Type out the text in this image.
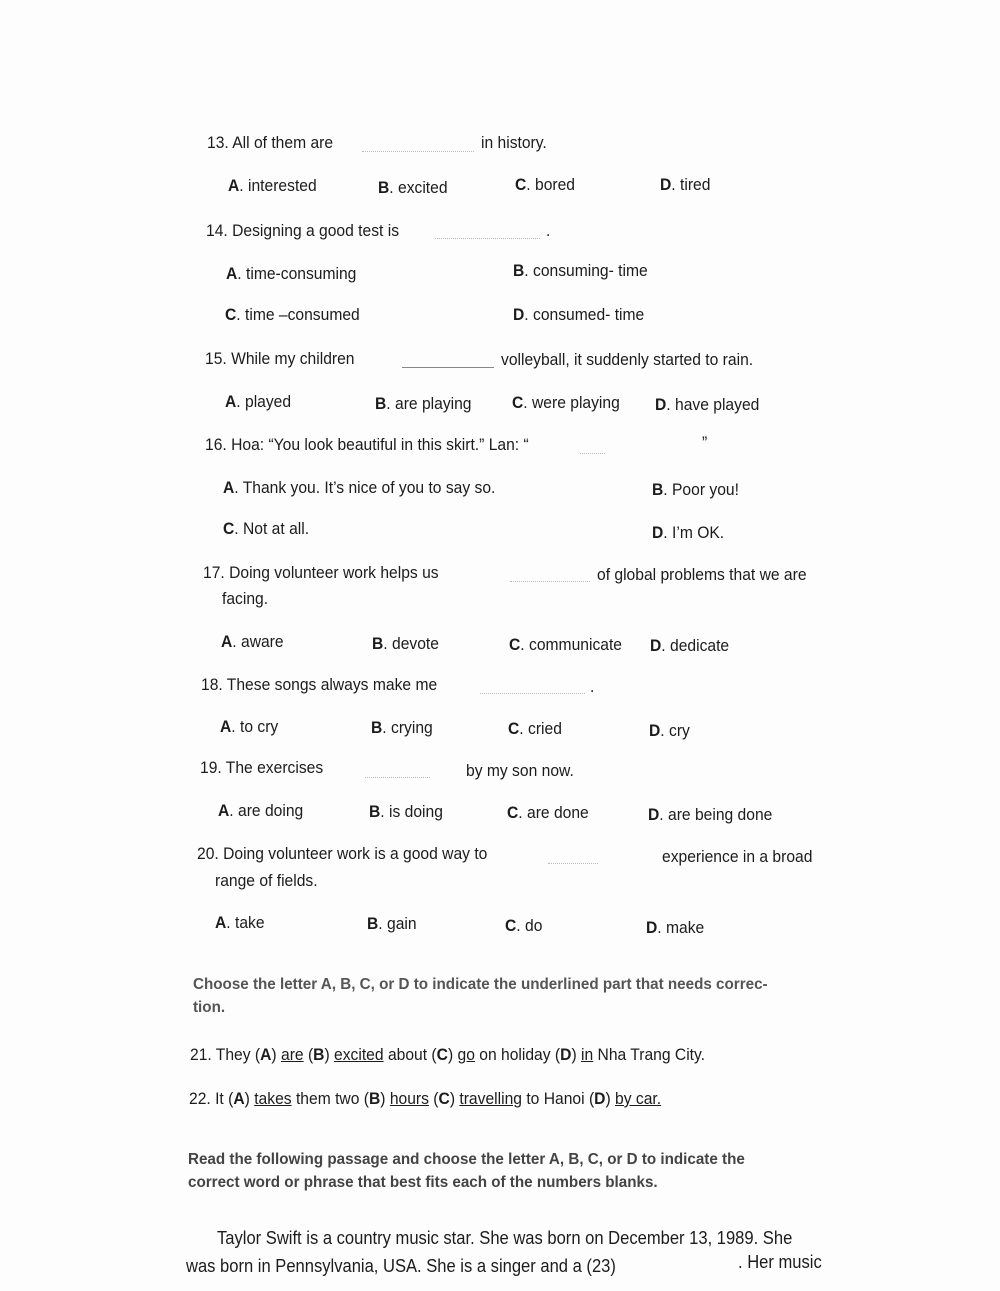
13. All of them are	in history.
A. interested	B. excited	C. bored	D. tired
14. Designing a good test is	.
A. time-consuming	B. consuming- time
C. time –consumed	D. consumed- time
15. While my children	volleyball, it suddenly started to rain.
A. played	B. are playing C. were playing D. have played
16. Hoa: “You look beautiful in this skirt.” Lan: “	”
A. Thank you. It’s nice of you to say so.	B. Poor you!
C. Not at all.	D. I’m OK.
17. Doing volunteer work helps us	of global problems that we are
facing.
A. aware	B. devote	C. communicate D. dedicate
18. These songs always make me	.
A. to cry	B. crying	C. cried	D. cry
19. The exercises	by my son now.
A. are doing	B. is doing	C. are done	D. are being done
20. Doing volunteer work is a good way to	experience in a broad
range of fields.
A. take	B. gain	C. do	D. make
Choose the letter A, B, C, or D to indicate the underlined part that needs correc-
tion.
21. They (A) are (B) excited about (C) go on holiday (D) in Nha Trang City.
22. It (A) takes them two (B) hours (C) travelling to Hanoi (D) by car.
Read the following passage and choose the letter A, B, C, or D to indicate the
correct word or phrase that best fits each of the numbers blanks.
Taylor Swift is a country music star. She was born on December 13, 1989. She
was born in Pennsylvania, USA. She is a singer and a (23)	. Her music
